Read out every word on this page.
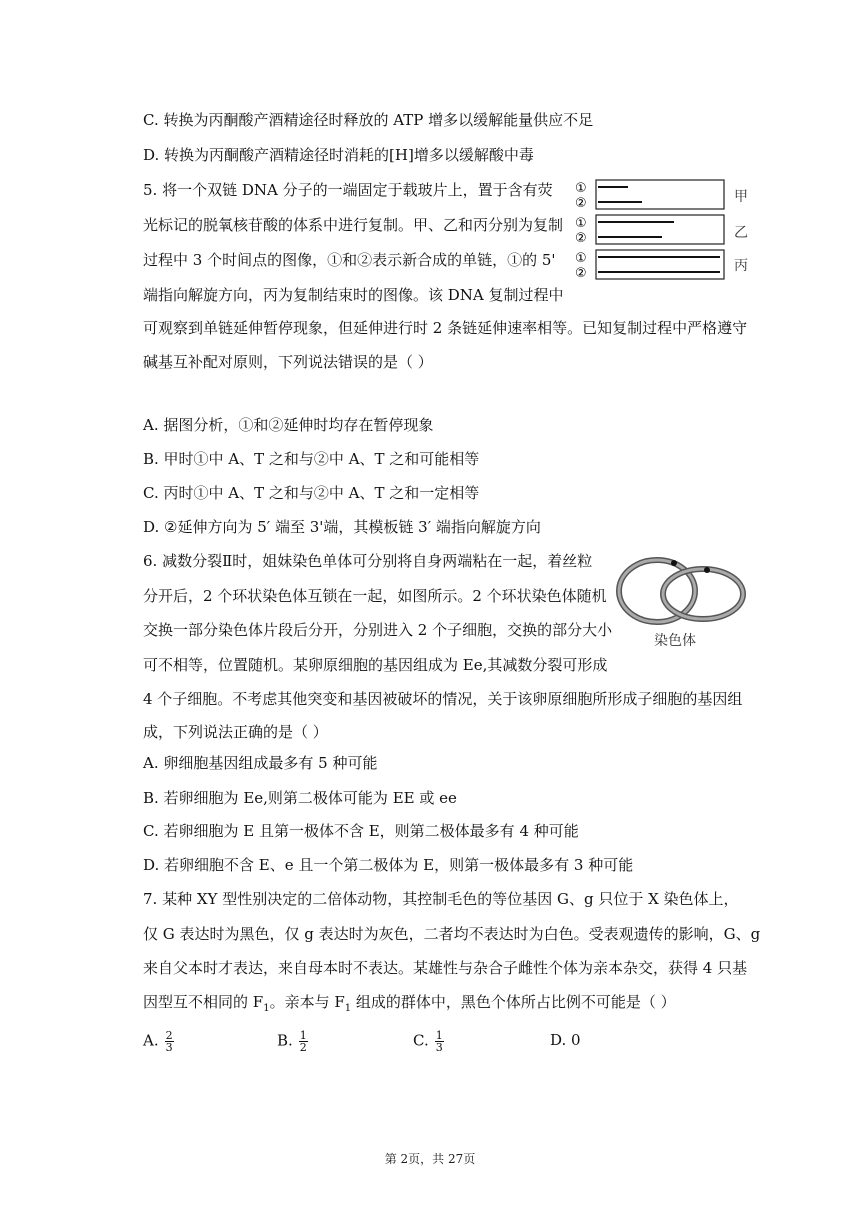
C. 转换为丙酮酸产酒精途径时释放的 ATP 增多以缓解能量供应不足
D. 转换为丙酮酸产酒精途径时消耗的[H]增多以缓解酸中毒
5. 将一个双链 DNA 分子的一端固定于载玻片上，置于含有荧
光标记的脱氧核苷酸的体系中进行复制。甲、乙和丙分别为复制
过程中 3 个时间点的图像，①和②表示新合成的单链，①的 5'
端指向解旋方向，丙为复制结束时的图像。该 DNA 复制过程中
可观察到单链延伸暂停现象，但延伸进行时 2 条链延伸速率相等。已知复制过程中严格遵守
碱基互补配对原则，下列说法错误的是（ ）
①
②	甲
①
②	乙
①
②	丙
A. 据图分析，①和②延伸时均存在暂停现象
B. 甲时①中 A、T 之和与②中 A、T 之和可能相等
C. 丙时①中 A、T 之和与②中 A、T 之和一定相等
D. ②延伸方向为 5′ 端至 3'端，其模板链 3′ 端指向解旋方向
6. 减数分裂Ⅱ时，姐妹染色单体可分别将自身两端粘在一起，着丝粒
分开后，2 个环状染色体互锁在一起，如图所示。2 个环状染色体随机
交换一部分染色体片段后分开，分别进入 2 个子细胞，交换的部分大小
可不相等，位置随机。某卵原细胞的基因组成为 Ee,其减数分裂可形成
4 个子细胞。不考虑其他突变和基因被破坏的情况，关于该卵原细胞所形成子细胞的基因组
成，下列说法正确的是（ ）
染色体
A. 卵细胞基因组成最多有 5 种可能
B. 若卵细胞为 Ee,则第二极体可能为 EE 或 ee
C. 若卵细胞为 E 且第一极体不含 E，则第二极体最多有 4 种可能
D. 若卵细胞不含 E、e 且一个第二极体为 E，则第一极体最多有 3 种可能
7. 某种 XY 型性别决定的二倍体动物，其控制毛色的等位基因 G、g 只位于 X 染色体上，
仅 G 表达时为黑色，仅 g 表达时为灰色，二者均不表达时为白色。受表观遗传的影响，G、g
来自父本时才表达，来自母本时不表达。某雄性与杂合子雌性个体为亲本杂交，获得 4 只基
因型互不相同的 $F_1$。亲本与 $F_1$ 组成的群体中，黑色个体所占比例不可能是（ ）
A. $\frac{2}{3}$	B. $\frac{1}{2}$	C. $\frac{1}{3}$	D. 0
第 2页，共 27页
